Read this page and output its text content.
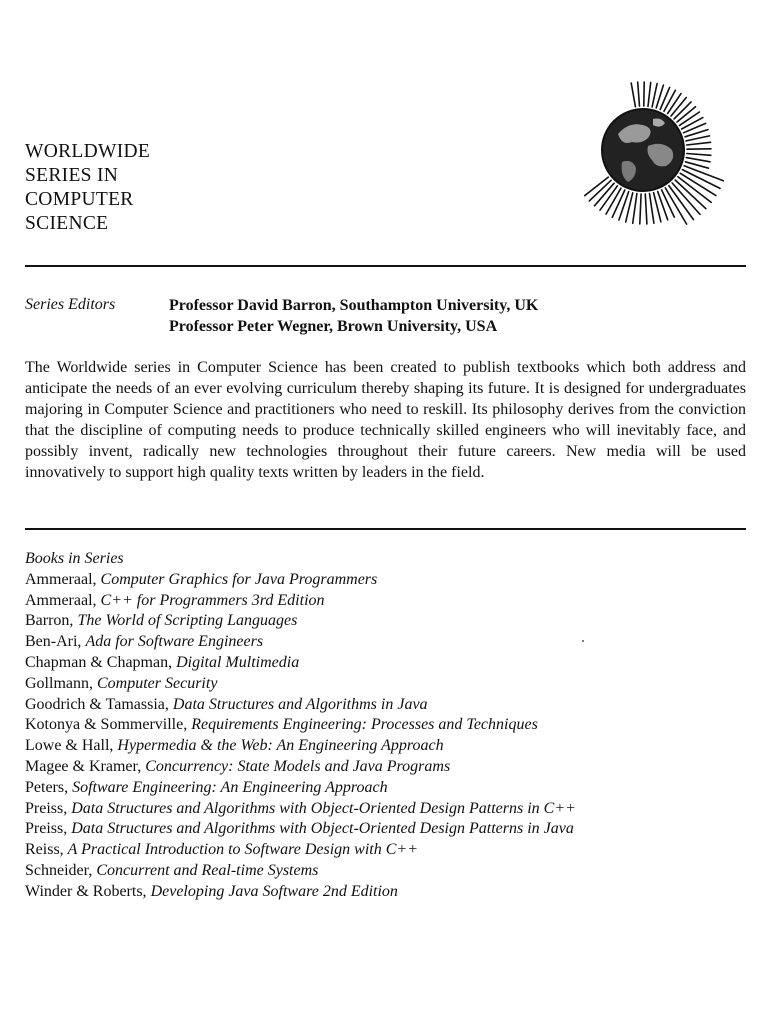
WORLDWIDE
SERIES IN
COMPUTER
SCIENCE
Series Editors	Professor David Barron, Southampton University, UK
Professor Peter Wegner, Brown University, USA

The Worldwide series in Computer Science has been created to publish textbooks which both address and anticipate the needs of an ever evolving curriculum thereby shaping its future. It is designed for undergraduates majoring in Computer Science and practitioners who need to reskill. Its philosophy derives from the conviction that the discipline of computing needs to produce technically skilled engineers who will inevitably face, and possibly invent, radically new technologies throughout their future careers. New media will be used innovatively to support high quality texts written by leaders in the field.

Books in Series
Ammeraal, Computer Graphics for Java Programmers
Ammeraal, C++ for Programmers 3rd Edition
Barron, The World of Scripting Languages
Ben-Ari, Ada for Software Engineers
Chapman & Chapman, Digital Multimedia
Gollmann, Computer Security
Goodrich & Tamassia, Data Structures and Algorithms in Java
Kotonya & Sommerville, Requirements Engineering: Processes and Techniques
Lowe & Hall, Hypermedia & the Web: An Engineering Approach
Magee & Kramer, Concurrency: State Models and Java Programs
Peters, Software Engineering: An Engineering Approach
Preiss, Data Structures and Algorithms with Object-Oriented Design Patterns in C++
Preiss, Data Structures and Algorithms with Object-Oriented Design Patterns in Java
Reiss, A Practical Introduction to Software Design with C++
Schneider, Concurrent and Real-time Systems
Winder & Roberts, Developing Java Software 2nd Edition
